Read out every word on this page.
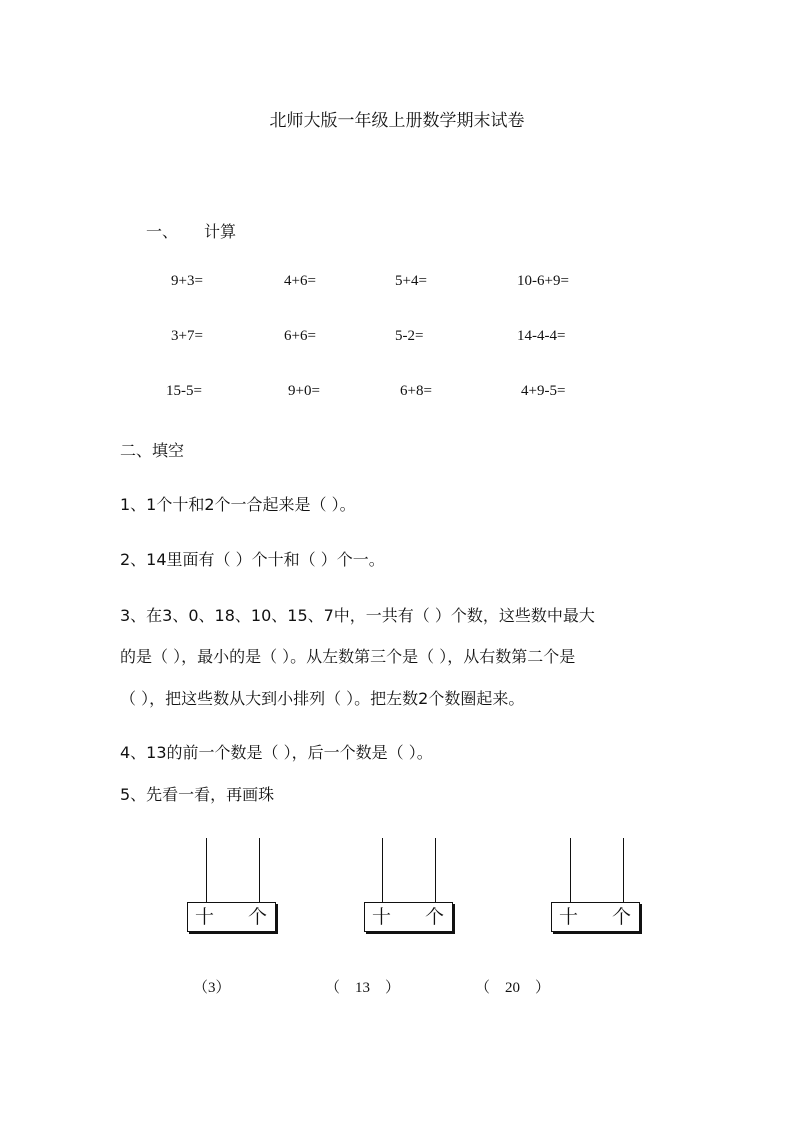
北师大版一年级上册数学期末试卷
一、 计算
9+3=	4+6=	5+4=	10-6+9=
3+7=	6+6=	5-2=	14-4-4=
15-5=	9+0=	6+8=	4+9-5=
二、填空
1、1个十和2个一合起来是（ ）。
2、14里面有（ ）个十和（ ）个一。
3、在3、0、18、10、15、7中，一共有（ ）个数，这些数中最大
的是（ ），最小的是（ ）。从左数第三个是（ ），从右数第二个是
（ ），把这些数从大到小排列（ ）。把左数2个数圈起来。
4、13的前一个数是（ ），后一个数是（ ）。
5、先看一看，再画珠
十 个
（3）
十 个
（　13　）
十 个
（　20　）
